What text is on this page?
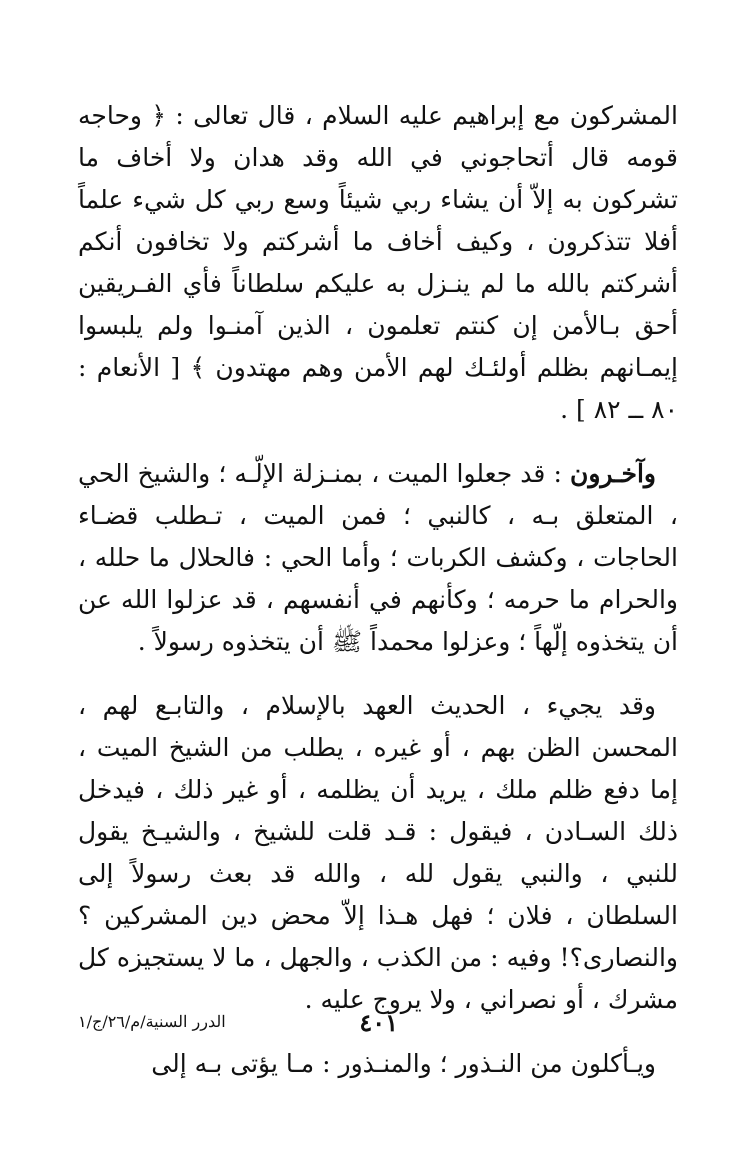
المشركون مع إبراهيم عليه السلام ، قال تعالى : ﴿ وحاجه قومه قال أتحاجوني في الله وقد هدان ولا أخاف ما تشركون به إلاّ أن يشاء ربي شيئاً وسع ربي كل شيء علماً أفلا تتذكرون ، وكيف أخاف ما أشركتم ولا تخافون أنكم أشركتم بالله ما لم ينـزل به عليكم سلطاناً فأي الفـريقين أحق بـالأمن إن كنتم تعلمون ، الذين آمنـوا ولم يلبسوا إيمـانهم بظلم أولئـك لهم الأمن وهم مهتدون ﴾ [ الأنعام : ٨٠ ــ ٨٢ ] .

وآخـرون : قد جعلوا الميت ، بمنـزلة الإلّـه ؛ والشيخ الحي ، المتعلق بـه ، كالنبي ؛ فمن الميت ، تـطلب قضـاء الحاجات ، وكشف الكربات ؛ وأما الحي : فالحلال ما حلله ، والحرام ما حرمه ؛ وكأنهم في أنفسهم ، قد عزلوا الله عن أن يتخذوه إلّهاً ؛ وعزلوا محمداً ﷺ أن يتخذوه رسولاً .

وقد يجيء ، الحديث العهد بالإسلام ، والتابـع لهم ، المحسن الظن بهم ، أو غيره ، يطلب من الشيخ الميت ، إما دفع ظلم ملك ، يريد أن يظلمه ، أو غير ذلك ، فيدخل ذلك السـادن ، فيقول : قـد قلت للشيخ ، والشيـخ يقول للنبي ، والنبي يقول لله ، والله قد بعث رسولاً إلى السلطان ، فلان ؛ فهل هـذا إلاّ محض دين المشركين ؟ والنصارى؟! وفيه : من الكذب ، والجهل ، ما لا يستجيزه كل مشرك ، أو نصراني ، ولا يروج عليه .

ويـأكلون من النـذور ؛ والمنـذور : مـا يؤتى بـه إلى

٤٠١
الدرر السنية/م/٢٦/ج/١
